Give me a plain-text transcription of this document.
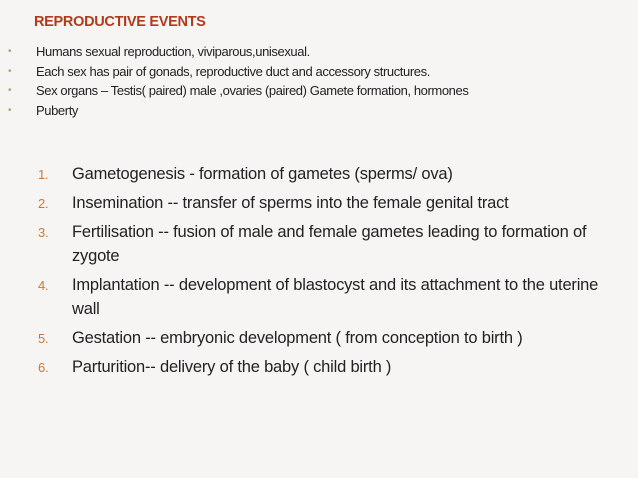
REPRODUCTIVE EVENTS
• Humans sexual reproduction, viviparous,unisexual.
• Each sex has pair of gonads, reproductive duct and accessory structures.
• Sex organs – Testis( paired) male ,ovaries (paired) Gamete formation, hormones
• Puberty
1. Gametogenesis - formation of gametes (sperms/ ova)
2. Insemination -- transfer of sperms into the female genital tract
3. Fertilisation -- fusion of male and female gametes leading to formation of zygote
4. Implantation -- development of blastocyst and its attachment to the uterine wall
5. Gestation -- embryonic development ( from conception to birth )
6. Parturition-- delivery of the baby ( child birth )
